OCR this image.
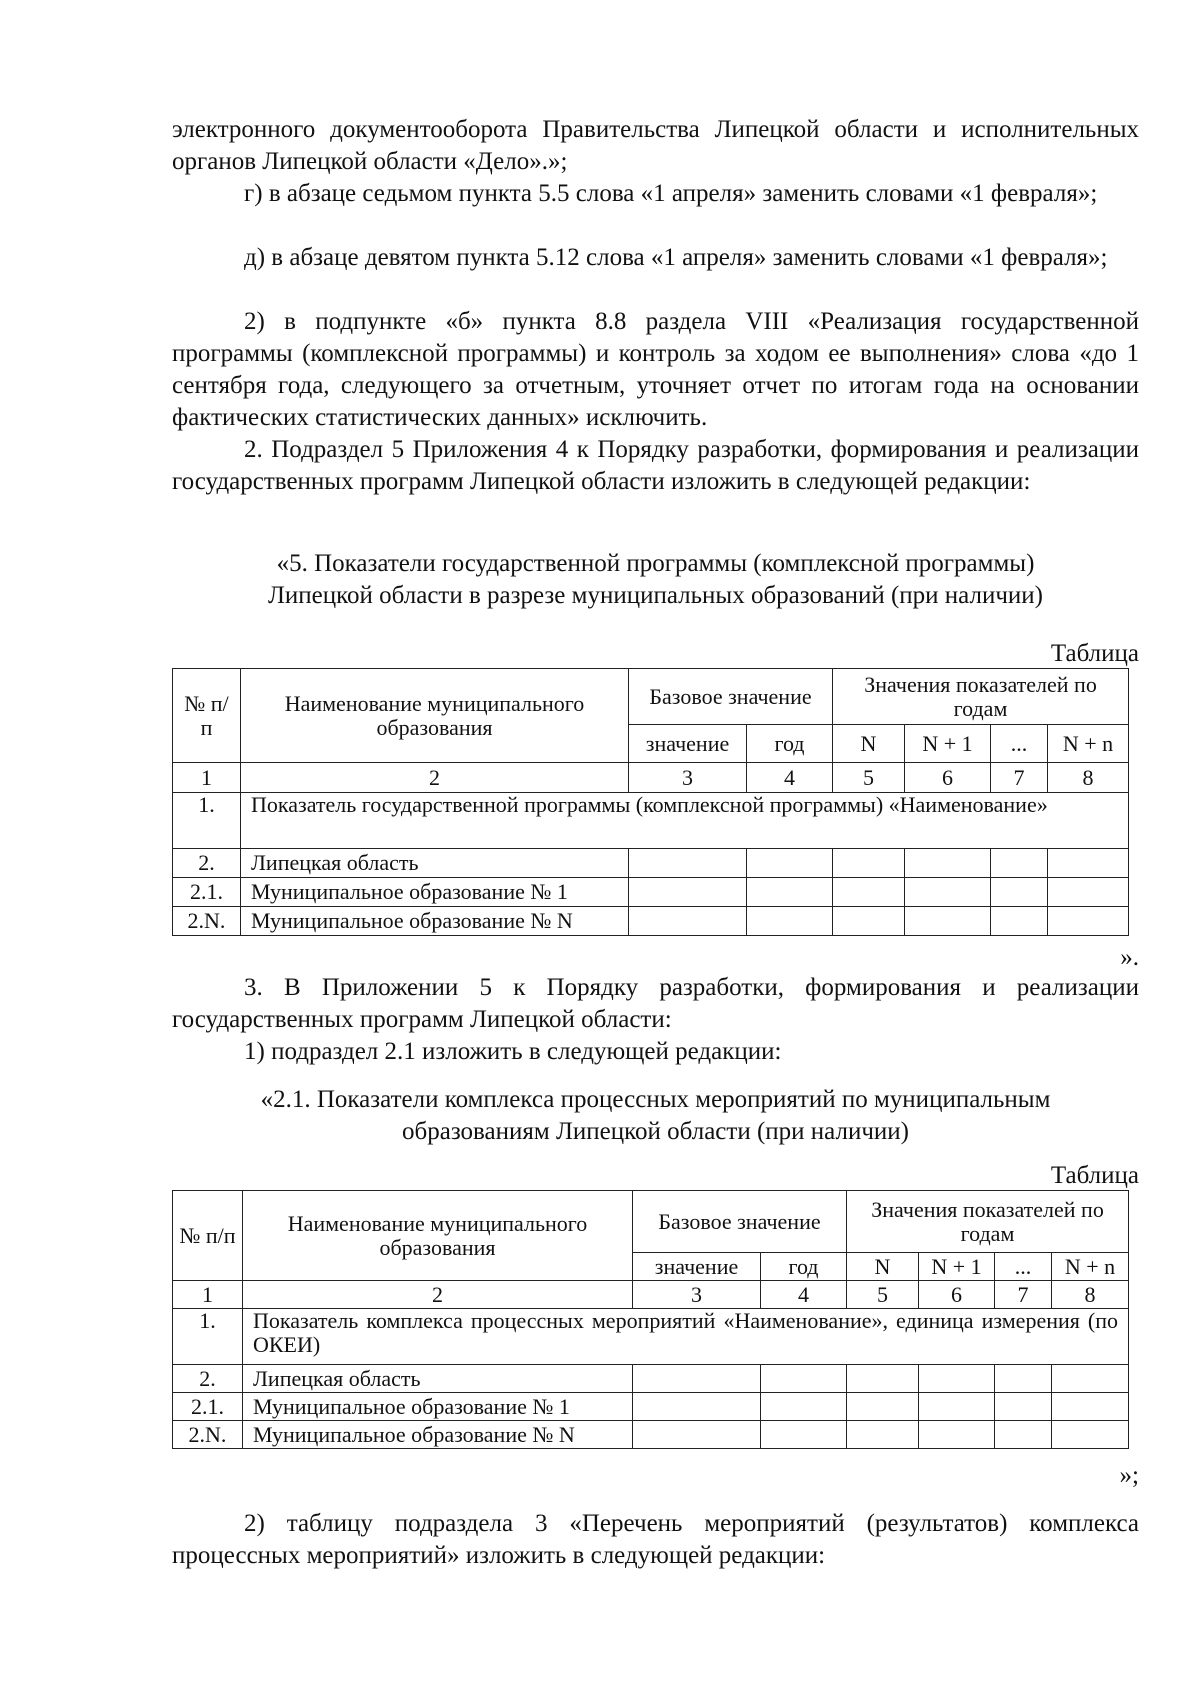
электронного документооборота Правительства Липецкой области и исполнительных органов Липецкой области «Дело».»;

г) в абзаце седьмом пункта 5.5 слова «1 апреля» заменить словами «1 февраля»;

д) в абзаце девятом пункта 5.12 слова «1 апреля» заменить словами «1 февраля»;

2) в подпункте «б» пункта 8.8 раздела VIII «Реализация государственной программы (комплексной программы) и контроль за ходом ее выполнения» слова «до 1 сентября года, следующего за отчетным, уточняет отчет по итогам года на основании фактических статистических данных» исключить.

2. Подраздел 5 Приложения 4 к Порядку разработки, формирования и реализации государственных программ Липецкой области изложить в следующей редакции:

«5. Показатели государственной программы (комплексной программы)
Липецкой области в разрезе муниципальных образований (при наличии)

Таблица

№ п/п	Наименование муниципального образования	Базовое значение		Значения показателей по годам			
		значение	год	N	N + 1	...	N + n
1	2	3	4	5	6	7	8
1.	Показатель государственной программы (комплексной программы) «Наименование»						
2.	Липецкая область						
2.1.	Муниципальное образование № 1						
2.N.	Муниципальное образование № N						

».

3. В Приложении 5 к Порядку разработки, формирования и реализации государственных программ Липецкой области:

1) подраздел 2.1 изложить в следующей редакции:

«2.1. Показатели комплекса процессных мероприятий по муниципальным
образованиям Липецкой области (при наличии)

Таблица

№ п/п	Наименование муниципального образования	Базовое значение		Значения показателей по годам			
		значение	год	N	N + 1	...	N + n
1	2	3	4	5	6	7	8
1.	Показатель комплекса процессных мероприятий «Наименование», единица измерения (по ОКЕИ)						
2.	Липецкая область						
2.1.	Муниципальное образование № 1						
2.N.	Муниципальное образование № N						

»;

2) таблицу подраздела 3 «Перечень мероприятий (результатов) комплекса процессных мероприятий» изложить в следующей редакции:
